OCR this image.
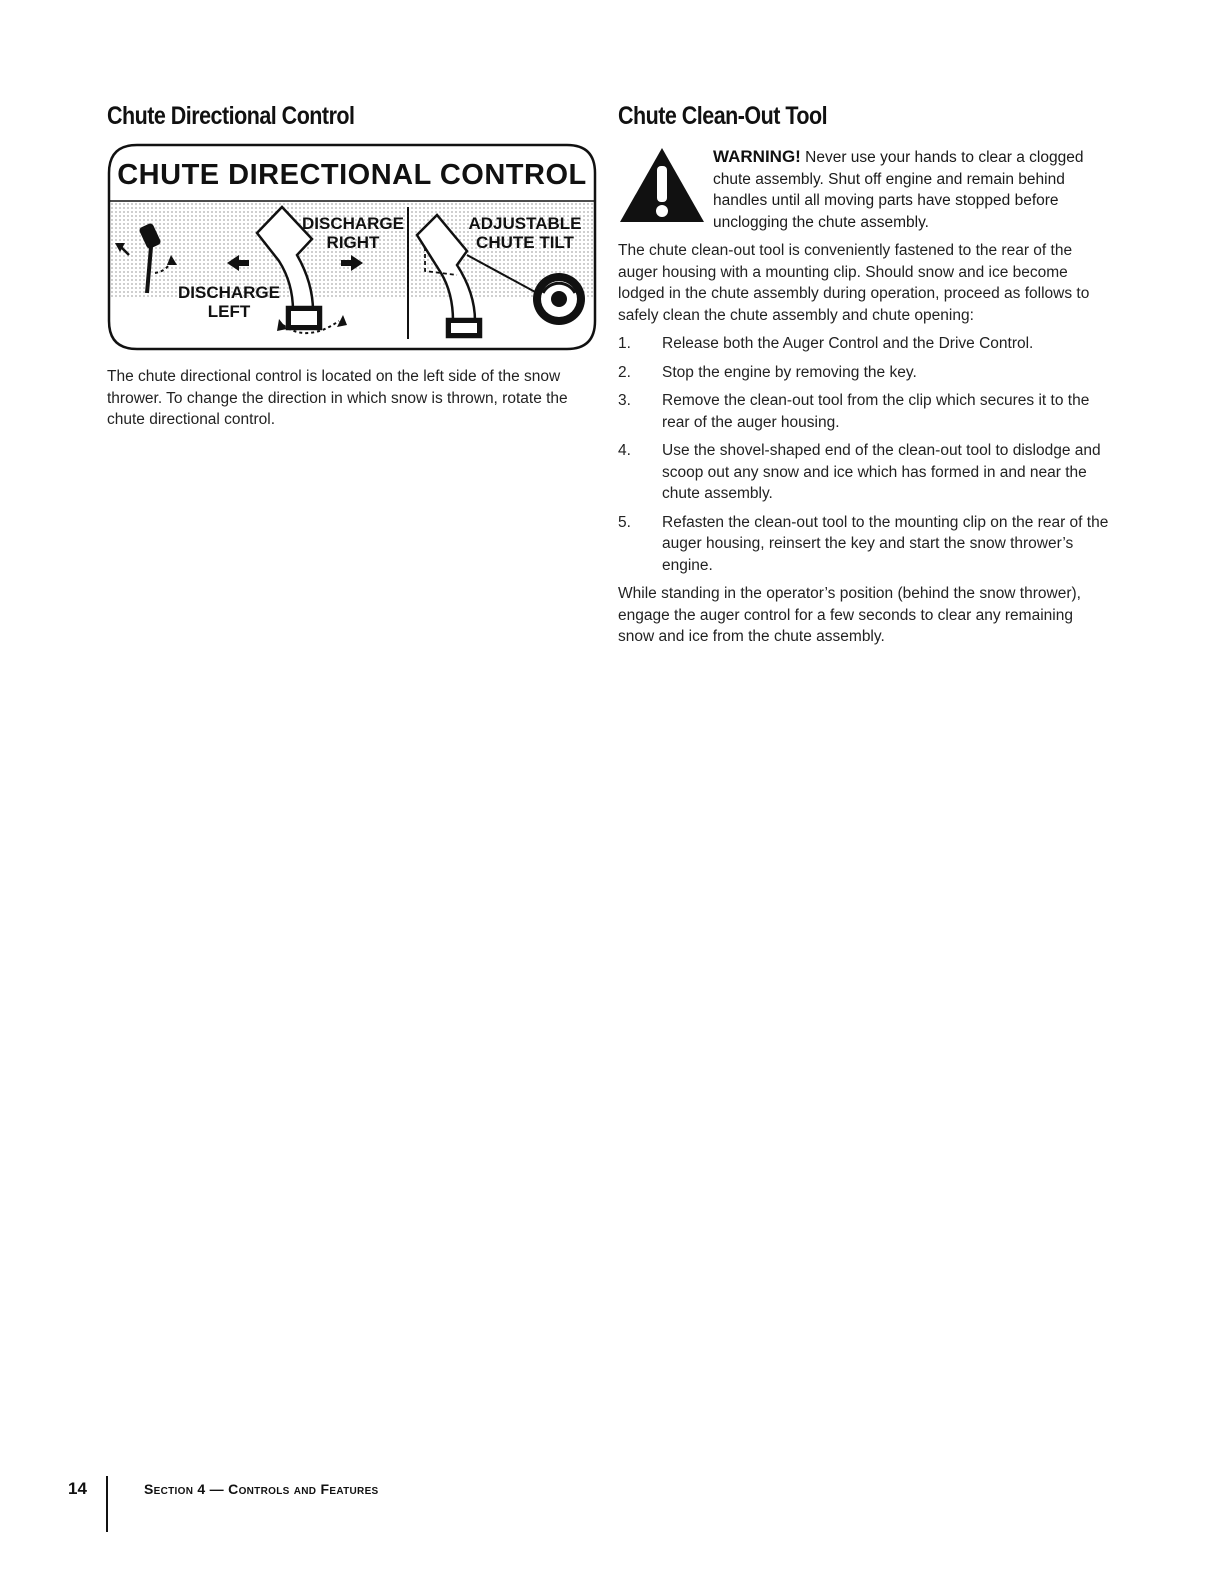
Chute Directional Control
CHUTE DIRECTIONAL CONTROL
DISCHARGE
LEFT
DISCHARGE
RIGHT
ADJUSTABLE
CHUTE TILT

The chute directional control is located on the left side of the snow thrower. To change the direction in which snow is thrown, rotate the chute directional control.

Chute Clean-Out Tool
WARNING! Never use your hands to clear a clogged chute assembly. Shut off engine and remain behind handles until all moving parts have stopped before unclogging the chute assembly.

The chute clean-out tool is conveniently fastened to the rear of the auger housing with a mounting clip. Should snow and ice become lodged in the chute assembly during operation, proceed as follows to safely clean the chute assembly and chute opening:

1. Release both the Auger Control and the Drive Control.
2. Stop the engine by removing the key.
3. Remove the clean-out tool from the clip which secures it to the rear of the auger housing.
4. Use the shovel-shaped end of the clean-out tool to dislodge and scoop out any snow and ice which has formed in and near the chute assembly.
5. Refasten the clean-out tool to the mounting clip on the rear of the auger housing, reinsert the key and start the snow thrower’s engine.

While standing in the operator’s position (behind the snow thrower), engage the auger control for a few seconds to clear any remaining snow and ice from the chute assembly.

14	Section 4 — Controls and Features
